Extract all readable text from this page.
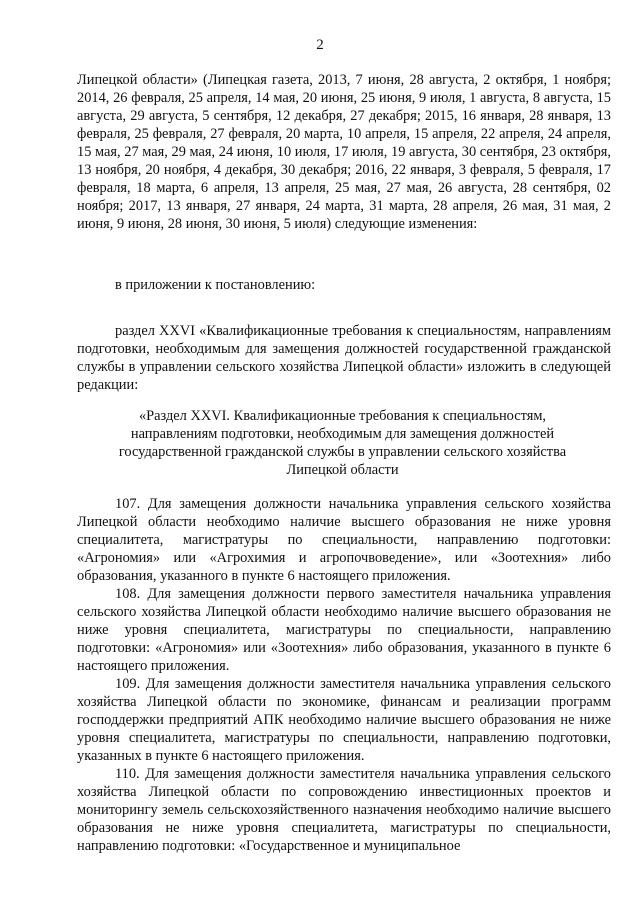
2

Липецкой области» (Липецкая газета, 2013, 7 июня, 28 августа, 2 октября, 1 ноября; 2014, 26 февраля, 25 апреля, 14 мая, 20 июня, 25 июня, 9 июля, 1 августа, 8 августа, 15 августа, 29 августа, 5 сентября, 12 декабря, 27 декабря; 2015, 16 января, 28 января, 13 февраля, 25 февраля, 27 февраля, 20 марта, 10 апреля, 15 апреля, 22 апреля, 24 апреля, 15 мая, 27 мая, 29 мая, 24 июня, 10 июля, 17 июля, 19 августа, 30 сентября, 23 октября, 13 ноября, 20 ноября, 4 декабря, 30 декабря; 2016, 22 января, 3 февраля, 5 февраля, 17 февраля, 18 марта, 6 апреля, 13 апреля, 25 мая, 27 мая, 26 августа, 28 сентября, 02 ноября; 2017, 13 января, 27 января, 24 марта, 31 марта, 28 апреля, 26 мая, 31 мая, 2 июня, 9 июня, 28 июня, 30 июня, 5 июля) следующие изменения:

в приложении к постановлению:

раздел XXVI «Квалификационные требования к специальностям, направлениям подготовки, необходимым для замещения должностей государственной гражданской службы в управлении сельского хозяйства Липецкой области» изложить в следующей редакции:

«Раздел XXVI. Квалификационные требования к специальностям, направлениям подготовки, необходимым для замещения должностей государственной гражданской службы в управлении сельского хозяйства Липецкой области

107. Для замещения должности начальника управления сельского хозяйства Липецкой области необходимо наличие высшего образования не ниже уровня специалитета, магистратуры по специальности, направлению подготовки: «Агрономия» или «Агрохимия и агропочвоведение», или «Зоотехния» либо образования, указанного в пункте 6 настоящего приложения.

108. Для замещения должности первого заместителя начальника управления сельского хозяйства Липецкой области необходимо наличие высшего образования не ниже уровня специалитета, магистратуры по специальности, направлению подготовки: «Агрономия» или «Зоотехния» либо образования, указанного в пункте 6 настоящего приложения.

109. Для замещения должности заместителя начальника управления сельского хозяйства Липецкой области по экономике, финансам и реализации программ господдержки предприятий АПК необходимо наличие высшего образования не ниже уровня специалитета, магистратуры по специальности, направлению подготовки, указанных в пункте 6 настоящего приложения.

110. Для замещения должности заместителя начальника управления сельского хозяйства Липецкой области по сопровождению инвестиционных проектов и мониторингу земель сельскохозяйственного назначения необходимо наличие высшего образования не ниже уровня специалитета, магистратуры по специальности, направлению подготовки: «Государственное и муниципальное
